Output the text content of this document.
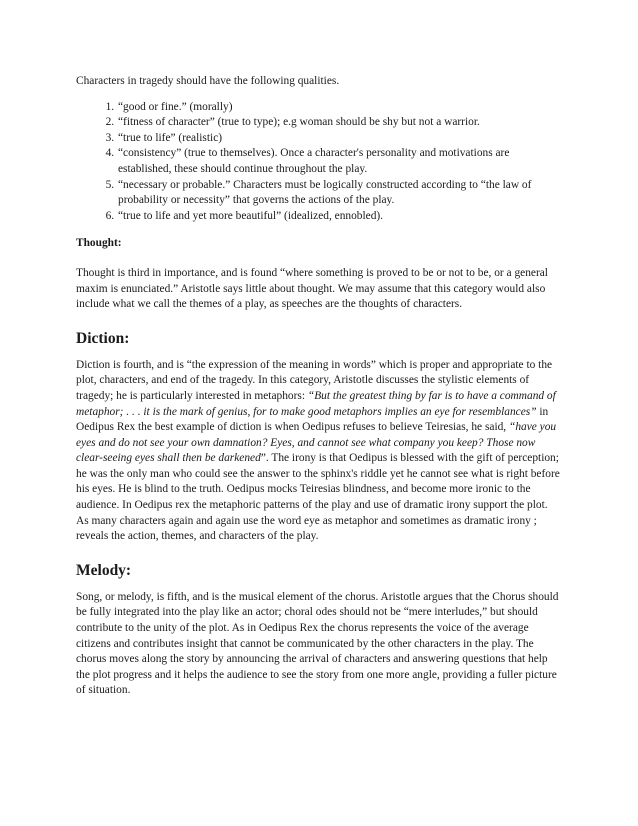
Characters in tragedy should have the following qualities.

1. “good or fine.” (morally)
2. “fitness of character” (true to type); e.g woman should be shy but not a warrior.
3. “true to life” (realistic)
4. “consistency” (true to themselves). Once a character's personality and motivations are established, these should continue throughout the play.
5. “necessary or probable.” Characters must be logically constructed according to “the law of probability or necessity” that governs the actions of the play.
6. “true to life and yet more beautiful” (idealized, ennobled).

Thought:

Thought is third in importance, and is found “where something is proved to be or not to be, or a general maxim is enunciated.” Aristotle says little about thought. We may assume that this category would also include what we call the themes of a play, as speeches are the thoughts of characters.

Diction:

Diction is fourth, and is “the expression of the meaning in words” which is proper and appropriate to the plot, characters, and end of the tragedy. In this category, Aristotle discusses the stylistic elements of tragedy; he is particularly interested in metaphors: “But the greatest thing by far is to have a command of metaphor; . . . it is the mark of genius, for to make good metaphors implies an eye for resemblances” in Oedipus Rex the best example of diction is when Oedipus refuses to believe Teiresias, he said, “have you eyes and do not see your own damnation? Eyes, and cannot see what company you keep? Those now clear-seeing eyes shall then be darkened”. The irony is that Oedipus is blessed with the gift of perception; he was the only man who could see the answer to the sphinx's riddle yet he cannot see what is right before his eyes. He is blind to the truth. Oedipus mocks Teiresias blindness, and become more ironic to the audience. In Oedipus rex the metaphoric patterns of the play and use of dramatic irony support the plot. As many characters again and again use the word eye as metaphor and sometimes as dramatic irony ; reveals the action, themes, and characters of the play.

Melody:

Song, or melody, is fifth, and is the musical element of the chorus. Aristotle argues that the Chorus should be fully integrated into the play like an actor; choral odes should not be “mere interludes,” but should contribute to the unity of the plot. As in Oedipus Rex the chorus represents the voice of the average citizens and contributes insight that cannot be communicated by the other characters in the play. The chorus moves along the story by announcing the arrival of characters and answering questions that help the plot progress and it helps the audience to see the story from one more angle, providing a fuller picture of situation.
